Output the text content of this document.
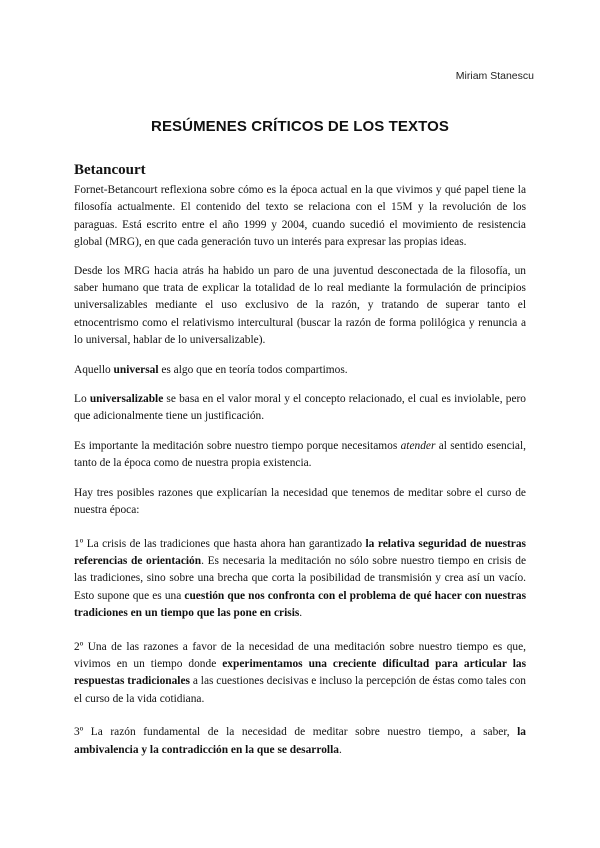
Miriam Stanescu
RESÚMENES CRÍTICOS DE LOS TEXTOS
Betancourt

Fornet-Betancourt reflexiona sobre cómo es la época actual en la que vivimos y qué papel tiene la filosofía actualmente. El contenido del texto se relaciona con el 15M y la revolución de los paraguas. Está escrito entre el año 1999 y 2004, cuando sucedió el movimiento de resistencia global (MRG), en que cada generación tuvo un interés para expresar las propias ideas.

Desde los MRG hacia atrás ha habido un paro de una juventud desconectada de la filosofía, un saber humano que trata de explicar la totalidad de lo real mediante la formulación de principios universalizables mediante el uso exclusivo de la razón, y tratando de superar tanto el etnocentrismo como el relativismo intercultural (buscar la razón de forma polilógica y renuncia a lo universal, hablar de lo universalizable).

Aquello universal es algo que en teoría todos compartimos.

Lo universalizable se basa en el valor moral y el concepto relacionado, el cual es inviolable, pero que adicionalmente tiene un justificación.

Es importante la meditación sobre nuestro tiempo porque necesitamos atender al sentido esencial, tanto de la época como de nuestra propia existencia.

Hay tres posibles razones que explicarían la necesidad que tenemos de meditar sobre el curso de nuestra época:

1º La crisis de las tradiciones que hasta ahora han garantizado la relativa seguridad de nuestras referencias de orientación. Es necesaria la meditación no sólo sobre nuestro tiempo en crisis de las tradiciones, sino sobre una brecha que corta la posibilidad de transmisión y crea así un vacío. Esto supone que es una cuestión que nos confronta con el problema de qué hacer con nuestras tradiciones en un tiempo que las pone en crisis.

2º Una de las razones a favor de la necesidad de una meditación sobre nuestro tiempo es que, vivimos en un tiempo donde experimentamos una creciente dificultad para articular las respuestas tradicionales a las cuestiones decisivas e incluso la percepción de éstas como tales con el curso de la vida cotidiana.

3º La razón fundamental de la necesidad de meditar sobre nuestro tiempo, a saber, la ambivalencia y la contradicción en la que se desarrolla.
